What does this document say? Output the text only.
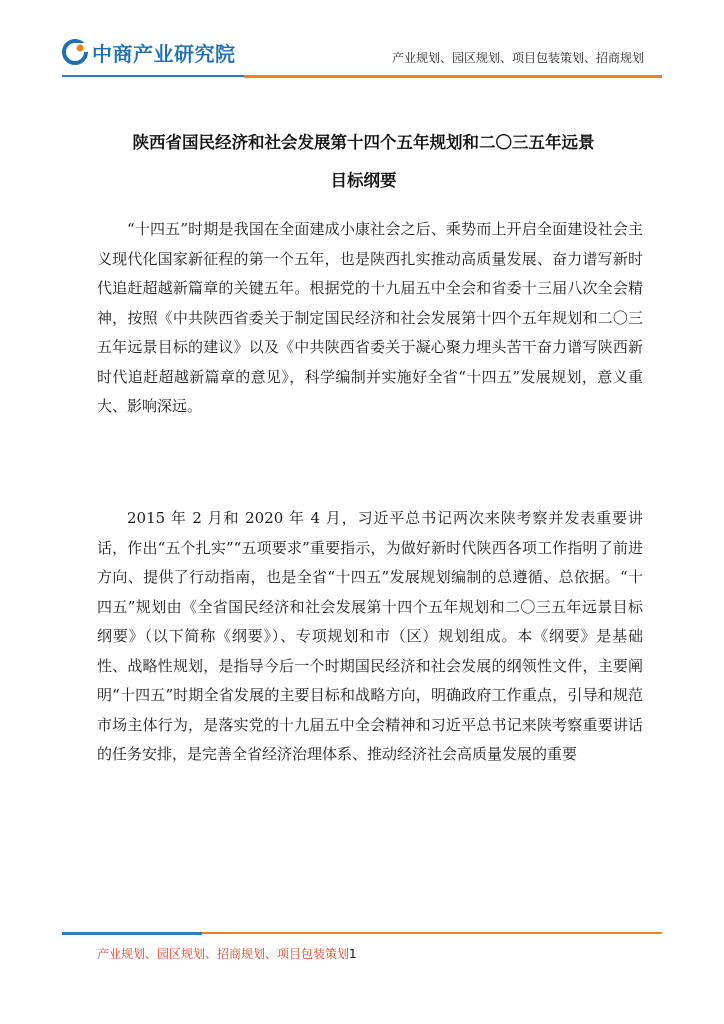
中商产业研究院	产业规划、园区规划、项目包装策划、招商规划
陕西省国民经济和社会发展第十四个五年规划和二〇三五年远景
目标纲要

“十四五”时期是我国在全面建成小康社会之后、乘势而上开启全面建设社会主义现代化国家新征程的第一个五年，也是陕西扎实推动高质量发展、奋力谱写新时代追赶超越新篇章的关键五年。根据党的十九届五中全会和省委十三届八次全会精神，按照《中共陕西省委关于制定国民经济和社会发展第十四个五年规划和二〇三五年远景目标的建议》以及《中共陕西省委关于凝心聚力埋头苦干奋力谱写陕西新时代追赶超越新篇章的意见》，科学编制并实施好全省“十四五”发展规划，意义重大、影响深远。

2015 年 2 月和 2020 年 4 月，习近平总书记两次来陕考察并发表重要讲话，作出“五个扎实”“五项要求”重要指示，为做好新时代陕西各项工作指明了前进方向、提供了行动指南，也是全省“十四五”发展规划编制的总遵循、总依据。“十四五”规划由《全省国民经济和社会发展第十四个五年规划和二〇三五年远景目标纲要》（以下简称《纲要》）、专项规划和市（区）规划组成。本《纲要》是基础性、战略性规划，是指导今后一个时期国民经济和社会发展的纲领性文件，主要阐明“十四五”时期全省发展的主要目标和战略方向，明确政府工作重点，引导和规范市场主体行为，是落实党的十九届五中全会精神和习近平总书记来陕考察重要讲话的任务安排，是完善全省经济治理体系、推动经济社会高质量发展的重要

产业规划、园区规划、招商规划、项目包装策划1
